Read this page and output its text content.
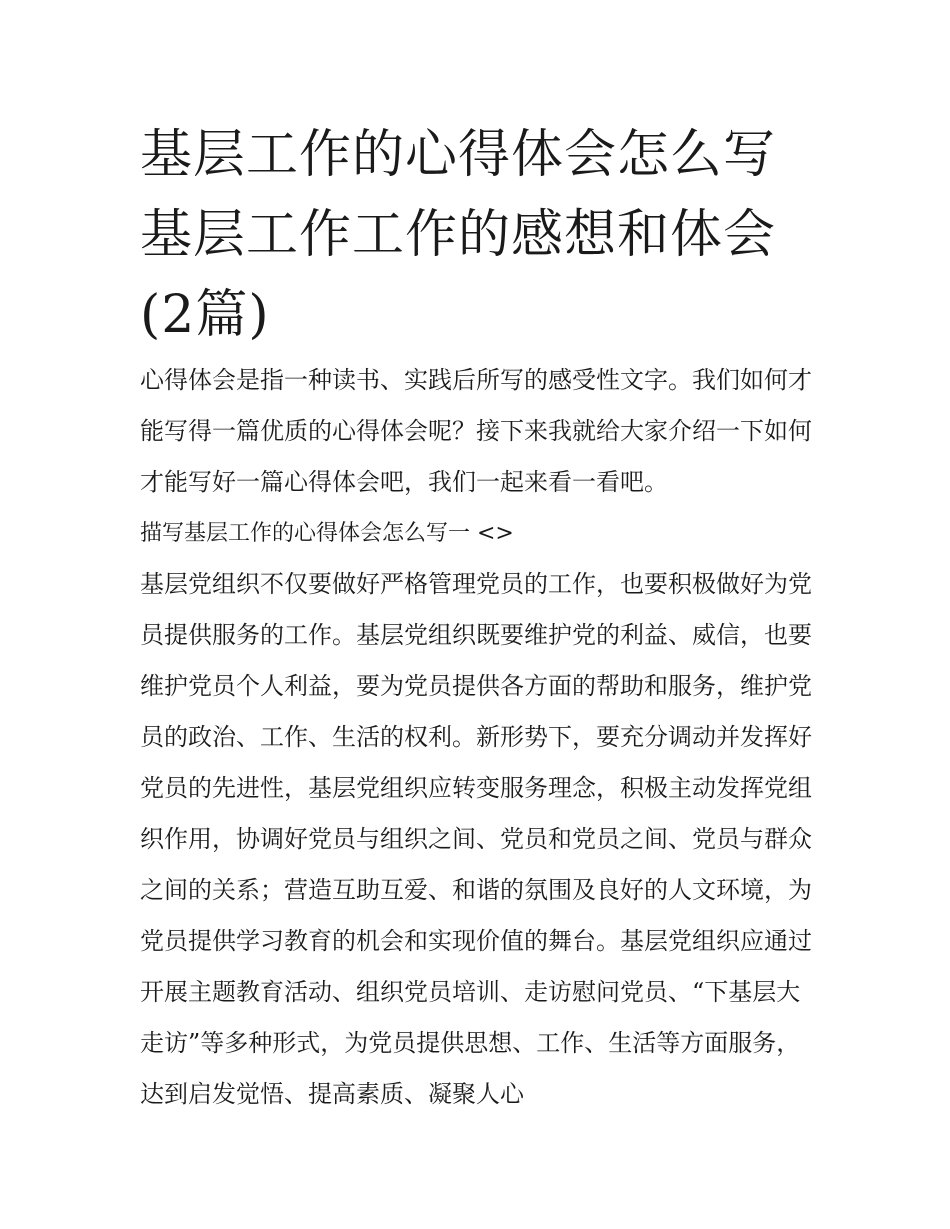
基层工作的心得体会怎么写 基层工作工作的感想和体会(2篇)

心得体会是指一种读书、实践后所写的感受性文字。我们如何才能写得一篇优质的心得体会呢？接下来我就给大家介绍一下如何才能写好一篇心得体会吧，我们一起来看一看吧。

描写基层工作的心得体会怎么写一 <>

基层党组织不仅要做好严格管理党员的工作，也要积极做好为党员提供服务的工作。基层党组织既要维护党的利益、威信，也要维护党员个人利益，要为党员提供各方面的帮助和服务，维护党员的政治、工作、生活的权利。新形势下，要充分调动并发挥好党员的先进性，基层党组织应转变服务理念，积极主动发挥党组织作用，协调好党员与组织之间、党员和党员之间、党员与群众之间的关系；营造互助互爱、和谐的氛围及良好的人文环境，为党员提供学习教育的机会和实现价值的舞台。基层党组织应通过开展主题教育活动、组织党员培训、走访慰问党员、“下基层大走访”等多种形式，为党员提供思想、工作、生活等方面服务，达到启发觉悟、提高素质、凝聚人心
